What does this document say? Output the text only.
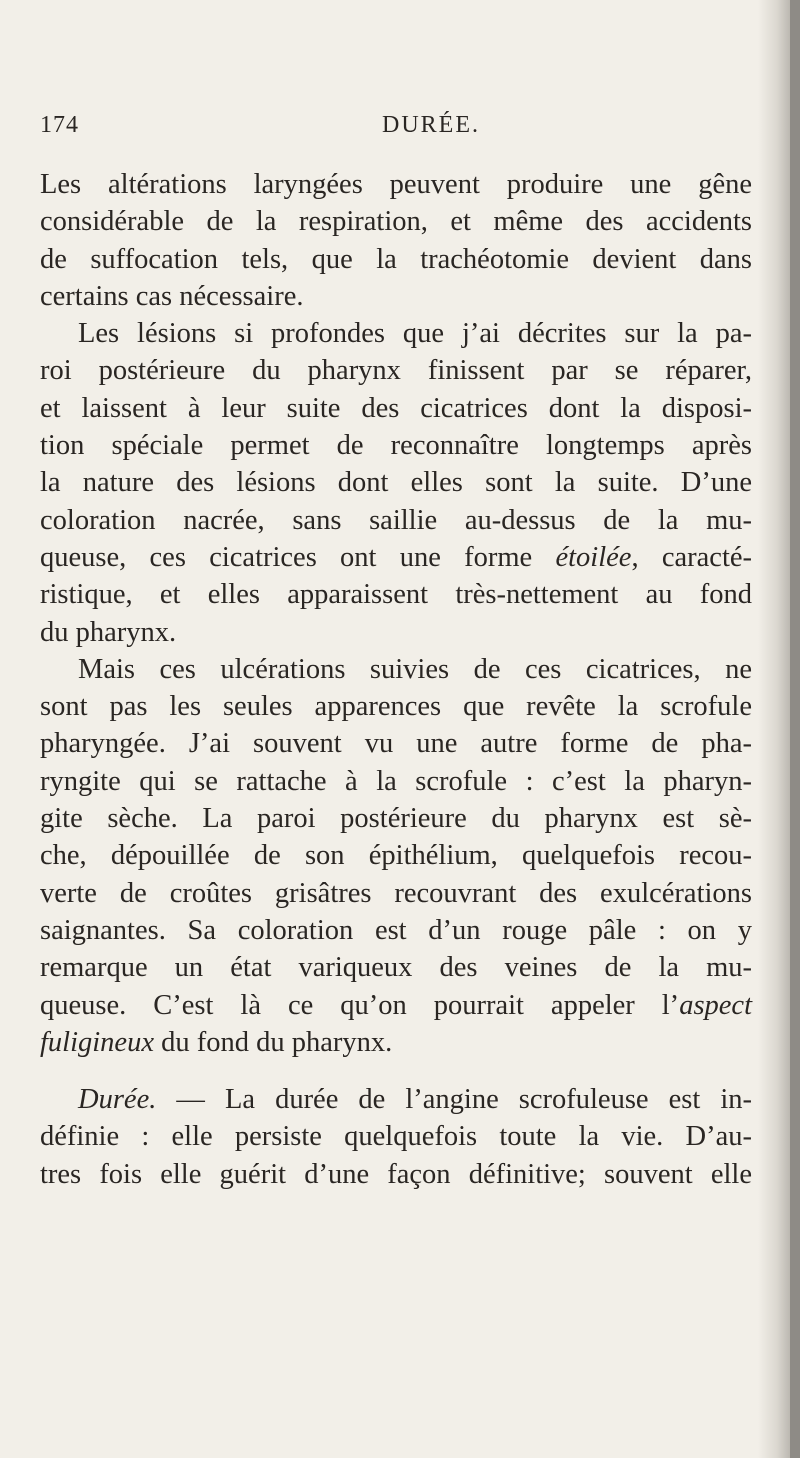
174	DURÉE.
Les altérations laryngées peuvent produire une gêne
considérable de la respiration, et même des accidents
de suffocation tels, que la trachéotomie devient dans
certains cas nécessaire.
Les lésions si profondes que j’ai décrites sur la pa-
roi postérieure du pharynx finissent par se réparer,
et laissent à leur suite des cicatrices dont la disposi-
tion spéciale permet de reconnaître longtemps après
la nature des lésions dont elles sont la suite. D’une
coloration nacrée, sans saillie au-dessus de la mu-
queuse, ces cicatrices ont une forme étoilée, caracté-
ristique, et elles apparaissent très-nettement au fond
du pharynx.
Mais ces ulcérations suivies de ces cicatrices, ne
sont pas les seules apparences que revête la scrofule
pharyngée. J’ai souvent vu une autre forme de pha-
ryngite qui se rattache à la scrofule : c’est la pharyn-
gite sèche. La paroi postérieure du pharynx est sè-
che, dépouillée de son épithélium, quelquefois recou-
verte de croûtes grisâtres recouvrant des exulcérations
saignantes. Sa coloration est d’un rouge pâle : on y
remarque un état variqueux des veines de la mu-
queuse. C’est là ce qu’on pourrait appeler l’aspect
fuligineux du fond du pharynx.
Durée. — La durée de l’angine scrofuleuse est in-
définie : elle persiste quelquefois toute la vie. D’au-
tres fois elle guérit d’une façon définitive; souvent elle
